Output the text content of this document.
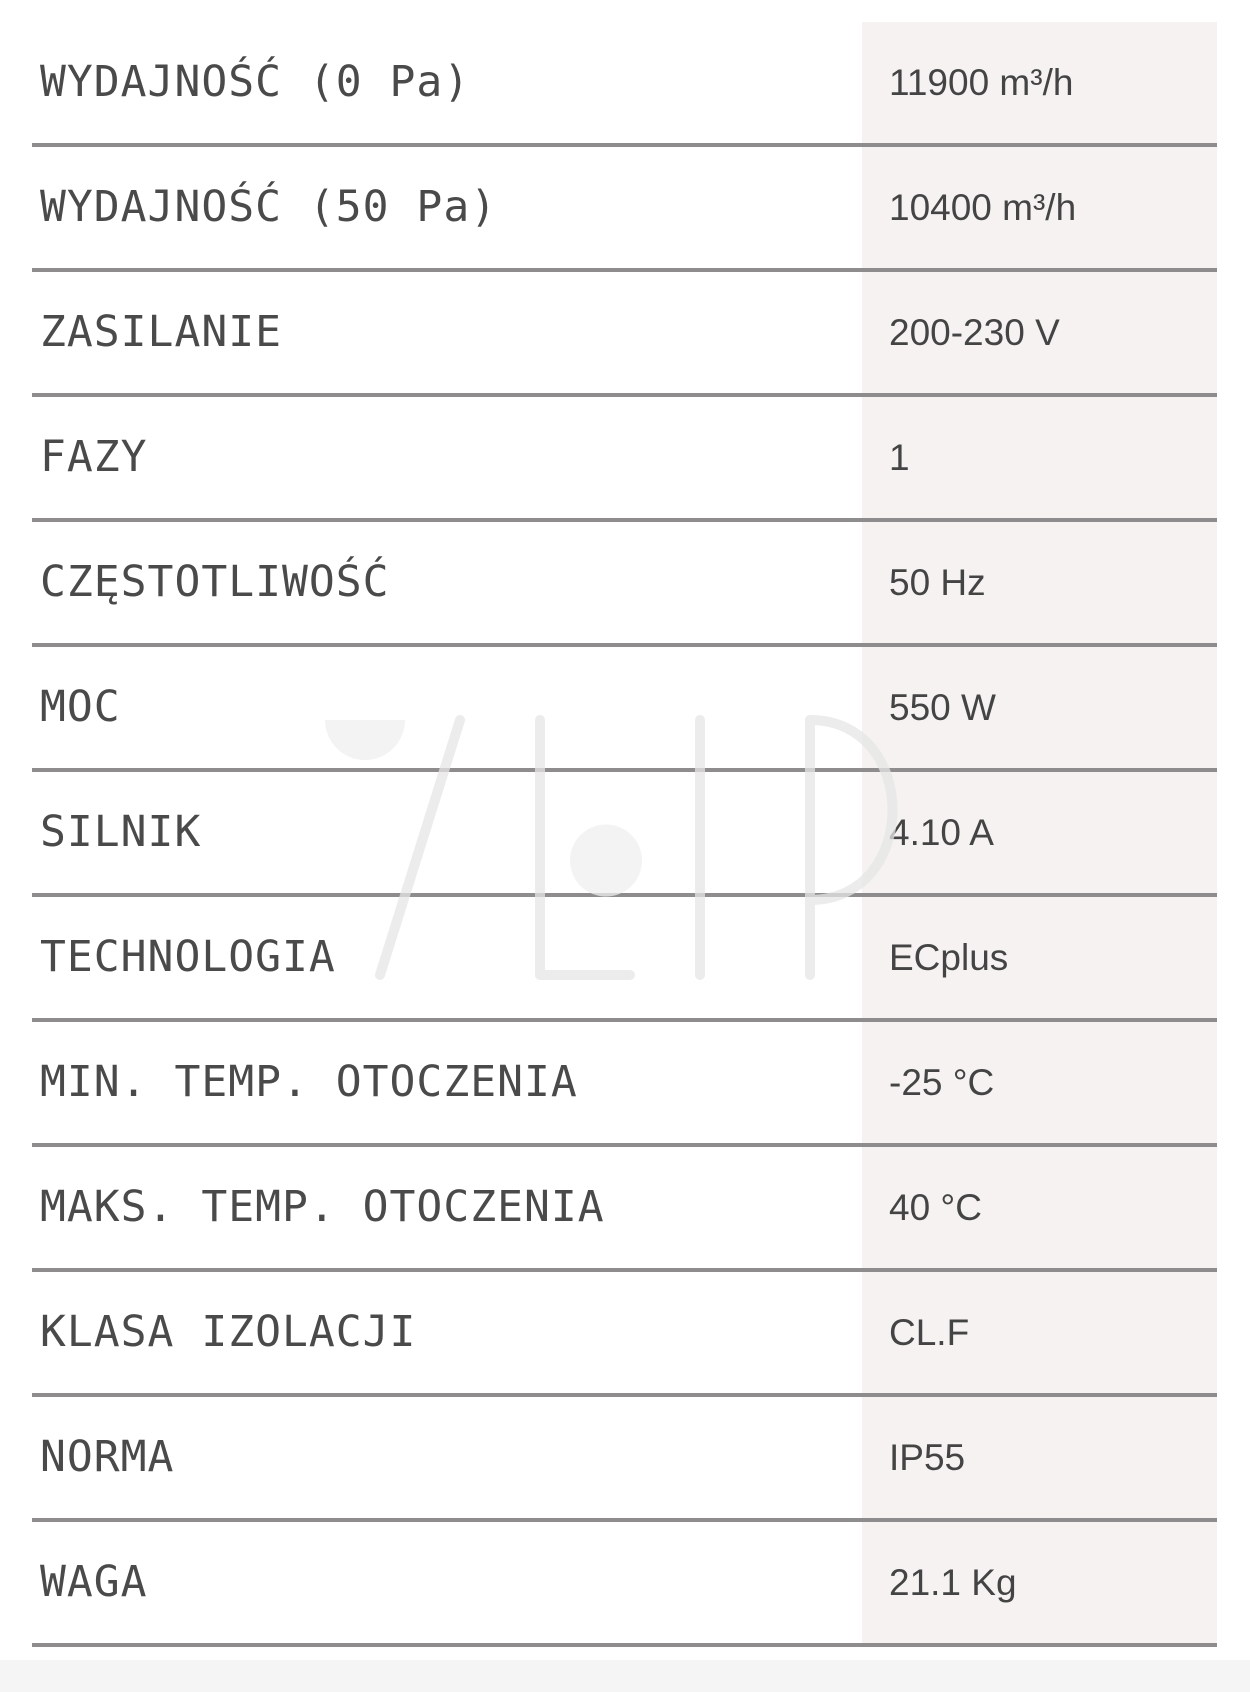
WYDAJNOŚĆ (0 Pa)	11900 m³/h
WYDAJNOŚĆ (50 Pa)	10400 m³/h
ZASILANIE	200-230 V
FAZY	1
CZĘSTOTLIWOŚĆ	50 Hz
MOC	550 W
SILNIK	4.10 A
TECHNOLOGIA	ECplus
MIN. TEMP. OTOCZENIA	-25 °C
MAKS. TEMP. OTOCZENIA	40 °C
KLASA IZOLACJI	CL.F
NORMA	IP55
WAGA	21.1 Kg
